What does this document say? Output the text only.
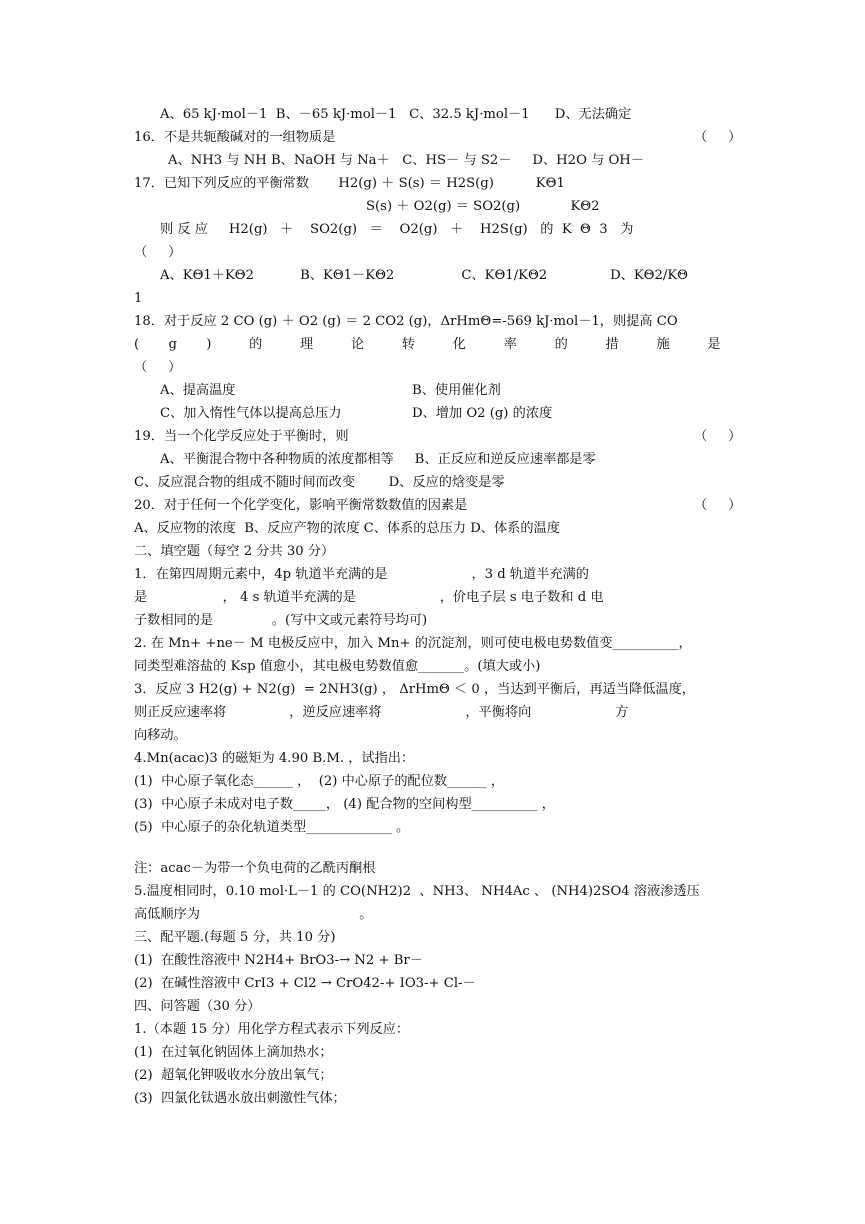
A、65 kJ·mol－1  B、－65 kJ·mol－1   C、32.5 kJ·mol－1      D、无法确定
16．不是共轭酸碱对的一组物质是	（     ）
A、NH3 与 NH B、NaOH 与 Na＋   C、HS－ 与 S2－     D、H2O 与 OH－
17．已知下列反应的平衡常数       H2(g) ＋ S(s) ＝ H2S(g)          KΘ1
S(s) ＋ O2(g) ＝ SO2(g)            KΘ2
则 反 应     H2(g)   ＋    SO2(g)   ＝    O2(g)   ＋    H2S(g)   的  K  Θ  3   为
（     ）
A、KΘ1＋KΘ2           B、KΘ1－KΘ2                C、KΘ1/KΘ2               D、KΘ2/KΘ
1
18．对于反应 2 CO (g) ＋ O2 (g) ＝ 2 CO2 (g)，ΔrHmΘ=-569 kJ·mol－1，则提高 CO
(       g       )         的         理         论         转         化         率         的         措         施         是
（     ）
A、提高温度	B、使用催化剂
C、加入惰性气体以提高总压力	D、增加 O2 (g) 的浓度
19．当一个化学反应处于平衡时，则	（     ）
A、平衡混合物中各种物质的浓度都相等     B、正反应和逆反应速率都是零
C、反应混合物的组成不随时间而改变        D、反应的焓变是零
20．对于任何一个化学变化，影响平衡常数数值的因素是	（     ）
A、反应物的浓度  B、反应产物的浓度 C、体系的总压力 D、体系的温度
二、填空题（每空 2 分共 30 分）
1．在第四周期元素中，4p 轨道半充满的是                    ，3 d 轨道半充满的
是                  ， 4 s 轨道半充满的是                    ，价电子层 s 电子数和 d 电
子数相同的是              。(写中文或元素符号均可)
2. 在 Mn+ +ne－ M 电极反应中，加入 Mn+ 的沉淀剂，则可使电极电势数值变__________，
同类型难溶盐的 Ksp 值愈小，其电极电势数值愈_______。(填大或小)
3．反应 3 H2(g) + N2(g)  = 2NH3(g) ， ΔrHmΘ ＜ 0 ，当达到平衡后，再适当降低温度，
则正反应速率将               ，逆反应速率将                    ，平衡将向                    方
向移动。
4.Mn(acac)3 的磁矩为 4.90 B.M. ，试指出：
(1)  中心原子氧化态______ ，  (2) 中心原子的配位数______ ，
(3)  中心原子未成对电子数_____， (4) 配合物的空间构型__________ ，
(5)  中心原子的杂化轨道类型_____________ 。
注：acac－为带一个负电荷的乙酰丙酮根
5.温度相同时，0.10 mol·L－1 的 CO(NH2)2  、NH3、 NH4Ac 、 (NH4)2SO4 溶液渗透压
高低顺序为                                      。
三、配平题.(每题 5 分，共 10 分)
(1)  在酸性溶液中 N2H4+ BrO3-→ N2 + Br－
(2)  在碱性溶液中 CrI3 + Cl2 → CrO42-+ IO3-+ Cl-－
四、问答题（30 分）
1.（本题 15 分）用化学方程式表示下列反应：
(1)  在过氧化钠固体上滴加热水；
(2)  超氧化钾吸收水分放出氧气；
(3)  四氯化钛遇水放出刺激性气体；
